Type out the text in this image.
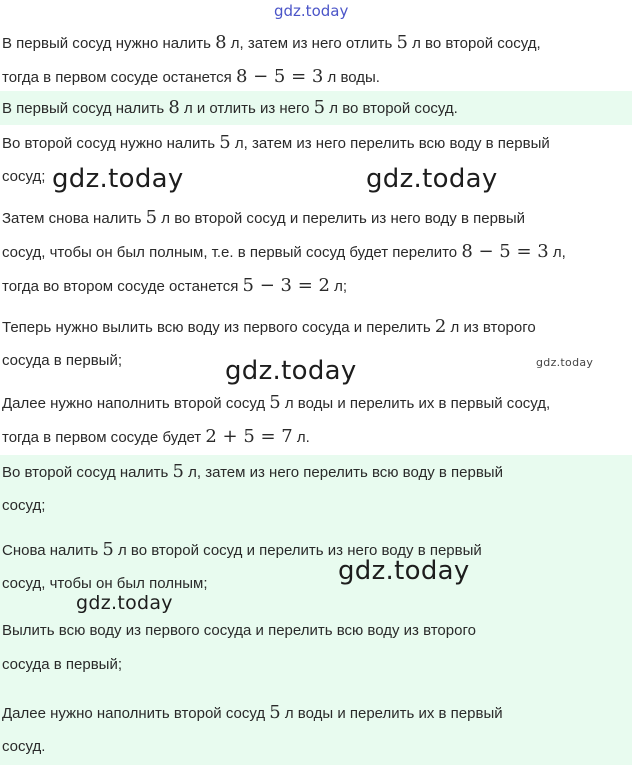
В первый сосуд нужно налить 8 л, затем из него отлить 5 л во второй сосуд,
тогда в первом сосуде останется 8 − 5 = 3 л воды.
В первый сосуд налить 8 л и отлить из него 5 л во второй сосуд.
Во второй сосуд нужно налить 5 л, затем из него перелить всю воду в первый
сосуд;
Затем снова налить 5 л во второй сосуд и перелить из него воду в первый
сосуд, чтобы он был полным, т.е. в первый сосуд будет перелито 8 − 5 = 3 л,
тогда во втором сосуде останется 5 − 3 = 2 л;
Теперь нужно вылить всю воду из первого сосуда и перелить 2 л из второго
сосуда в первый;
Далее нужно наполнить второй сосуд 5 л воды и перелить их в первый сосуд,
тогда в первом сосуде будет 2 + 5 = 7 л.
Во второй сосуд налить 5 л, затем из него перелить всю воду в первый
сосуд;
Снова налить 5 л во второй сосуд и перелить из него воду в первый
сосуд, чтобы он был полным;
Вылить всю воду из первого сосуда и перелить всю воду из второго
сосуда в первый;
Далее нужно наполнить второй сосуд 5 л воды и перелить их в первый
сосуд.
gdz.today
gdz.today	gdz.today
gdz.today	gdz.today
gdz.today
gdz.today
